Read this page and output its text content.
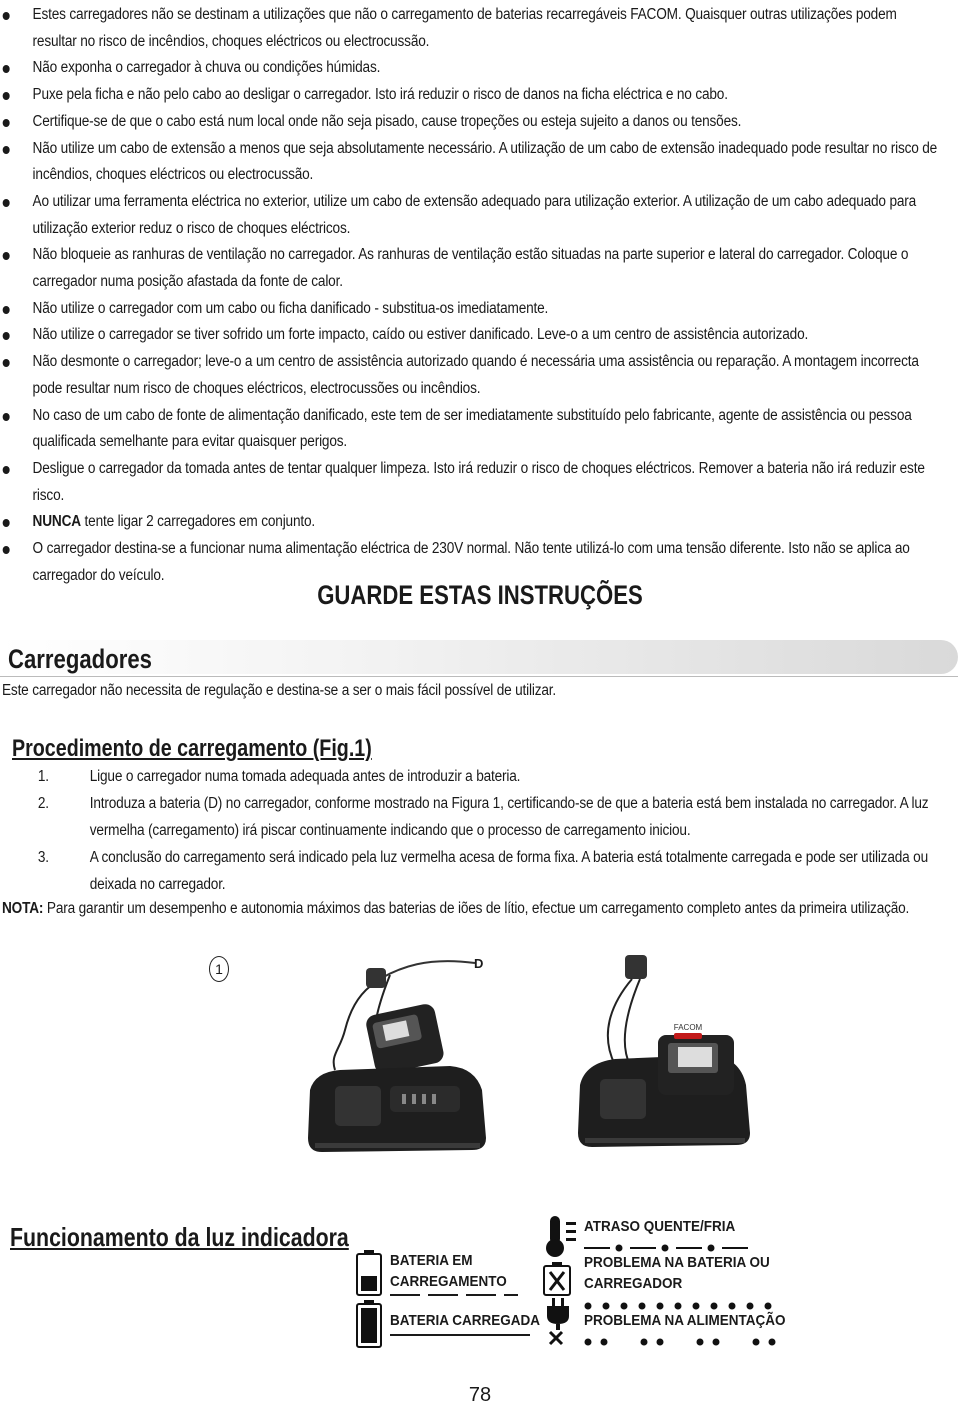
Estes carregadores não se destinam a utilizações que não o carregamento de baterias recarregáveis FACOM. Quaisquer outras utilizações podem resultar no risco de incêndios, choques eléctricos ou electrocussão.

Não exponha o carregador à chuva ou condições húmidas.

Puxe pela ficha e não pelo cabo ao desligar o carregador. Isto irá reduzir o risco de danos na ficha eléctrica e no cabo.

Certifique-se de que o cabo está num local onde não seja pisado, cause tropeções ou esteja sujeito a danos ou tensões.

Não utilize um cabo de extensão a menos que seja absolutamente necessário. A utilização de um cabo de extensão inadequado pode resultar no risco de incêndios, choques eléctricos ou electrocussão.

Ao utilizar uma ferramenta eléctrica no exterior, utilize um cabo de extensão adequado para utilização exterior. A utilização de um cabo adequado para utilização exterior reduz o risco de choques eléctricos.

Não bloqueie as ranhuras de ventilação no carregador. As ranhuras de ventilação estão situadas na parte superior e lateral do carregador. Coloque o carregador numa posição afastada da fonte de calor.

Não utilize o carregador com um cabo ou ficha danificado - substitua-os imediatamente.

Não utilize o carregador se tiver sofrido um forte impacto, caído ou estiver danificado. Leve-o a um centro de assistência autorizado.

Não desmonte o carregador; leve-o a um centro de assistência autorizado quando é necessária uma assistência ou reparação. A montagem incorrecta pode resultar num risco de choques eléctricos, electrocussões ou incêndios.

No caso de um cabo de fonte de alimentação danificado, este tem de ser imediatamente substituído pelo fabricante, agente de assistência ou pessoa qualificada semelhante para evitar quaisquer perigos.

Desligue o carregador da tomada antes de tentar qualquer limpeza. Isto irá reduzir o risco de choques eléctricos. Remover a bateria não irá reduzir este risco.

NUNCA tente ligar 2 carregadores em conjunto.

O carregador destina-se a funcionar numa alimentação eléctrica de 230V normal. Não tente utilizá-lo com uma tensão diferente. Isto não se aplica ao carregador do veículo.

GUARDE ESTAS INSTRUÇÕES
Carregadores
Este carregador não necessita de regulação e destina-se a ser o mais fácil possível de utilizar.
Procedimento de carregamento (Fig.1)
1.	Ligue o carregador numa tomada adequada antes de introduzir a bateria.
2.	Introduza a bateria (D) no carregador, conforme mostrado na Figura 1, certificando-se de que a bateria está bem instalada no carregador. A luz vermelha (carregamento) irá piscar continuamente indicando que o processo de carregamento iniciou.
3.	A conclusão do carregamento será indicado pela luz vermelha acesa de forma fixa. A bateria está totalmente carregada e pode ser utilizada ou deixada no carregador.
NOTA: Para garantir um desempenho e autonomia máximos das baterias de iões de lítio, efectue um carregamento completo antes da primeira utilização.
1	D
FACOM
Funcionamento da luz indicadora
BATERIA EM
CARREGAMENTO
BATERIA CARREGADA
ATRASO QUENTE/FRIA
PROBLEMA NA BATERIA OU
CARREGADOR
PROBLEMA NA ALIMENTAÇÃO
78
